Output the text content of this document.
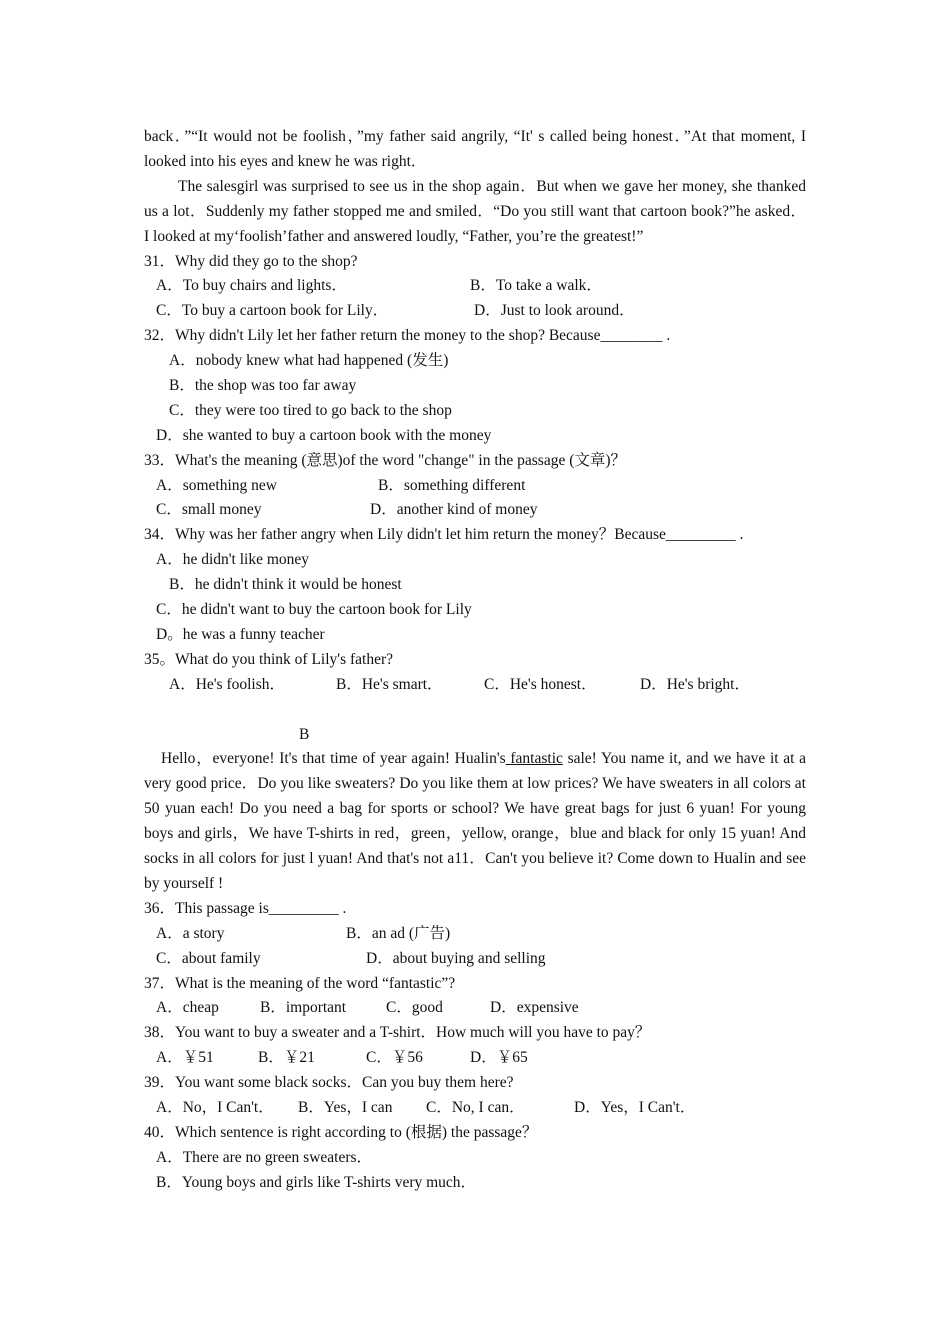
back．”“It would not be foolish，”my father said angrily, “It' s called being honest．”At that moment, I looked into his eyes and knew he was right．

The salesgirl was surprised to see us in the shop again．But when we gave her money, she thanked us a lot．Suddenly my father stopped me and smiled．“Do you still want that cartoon book?”he asked． I looked at my‘foolish’father and answered loudly, “Father, you’re the greatest!”

31．Why did they go to the shop?
A．To buy chairs and lights．	B．To take a walk．
C．To buy a cartoon book for Lily．	D．Just to look around．
32．Why didn't Lily let her father return the money to the shop? Because________ .
A．nobody knew what had happened (发生)
B．the shop was too far away
C．they were too tired to go back to the shop
D．she wanted to buy a cartoon book with the money
33．What's the meaning (意思)of the word "change" in the passage (文章)？
A．something new	B．something different
C．small money	D．another kind of money
34．Why was her father angry when Lily didn't let him return the money？Because_________ .
A．he didn't like money
B．he didn't think it would be honest
C．he didn't want to buy the cartoon book for Lily
D。he was a funny teacher
35。What do you think of Lily's father?
A．He's foolish．	B．He's smart．	C．He's honest．	D．He's bright．
B

Hello，everyone! It's that time of year again! Hualin's fantastic sale! You name it, and we have it at a very good price．Do you like sweaters? Do you like them at low prices? We have sweaters in all colors at 50 yuan each! Do you need a bag for sports or school? We have great bags for just 6 yuan! For young boys and girls，We have T-shirts in red，green，yellow, orange，blue and black for only 15 yuan! And socks in all colors for just l yuan! And that's not a11．Can't you believe it? Come down to Hualin and see by yourself !

36．This passage is_________ .
A．a story	B．an ad (广告)
C．about family	D．about buying and selling
37．What is the meaning of the word “fantastic”?
A．cheap	B．important	C．good	D．expensive
38．You want to buy a sweater and a T-shirt．How much will you have to pay？
A．￥51	B．￥21	C．￥56	D．￥65
39．You want some black socks．Can you buy them here?
A．No，I Can't． B．Yes，I can C．No, I can．	D．Yes，I Can't．
40．Which sentence is right according to (根据) the passage？
A．There are no green sweaters．
B．Young boys and girls like T-shirts very much．
